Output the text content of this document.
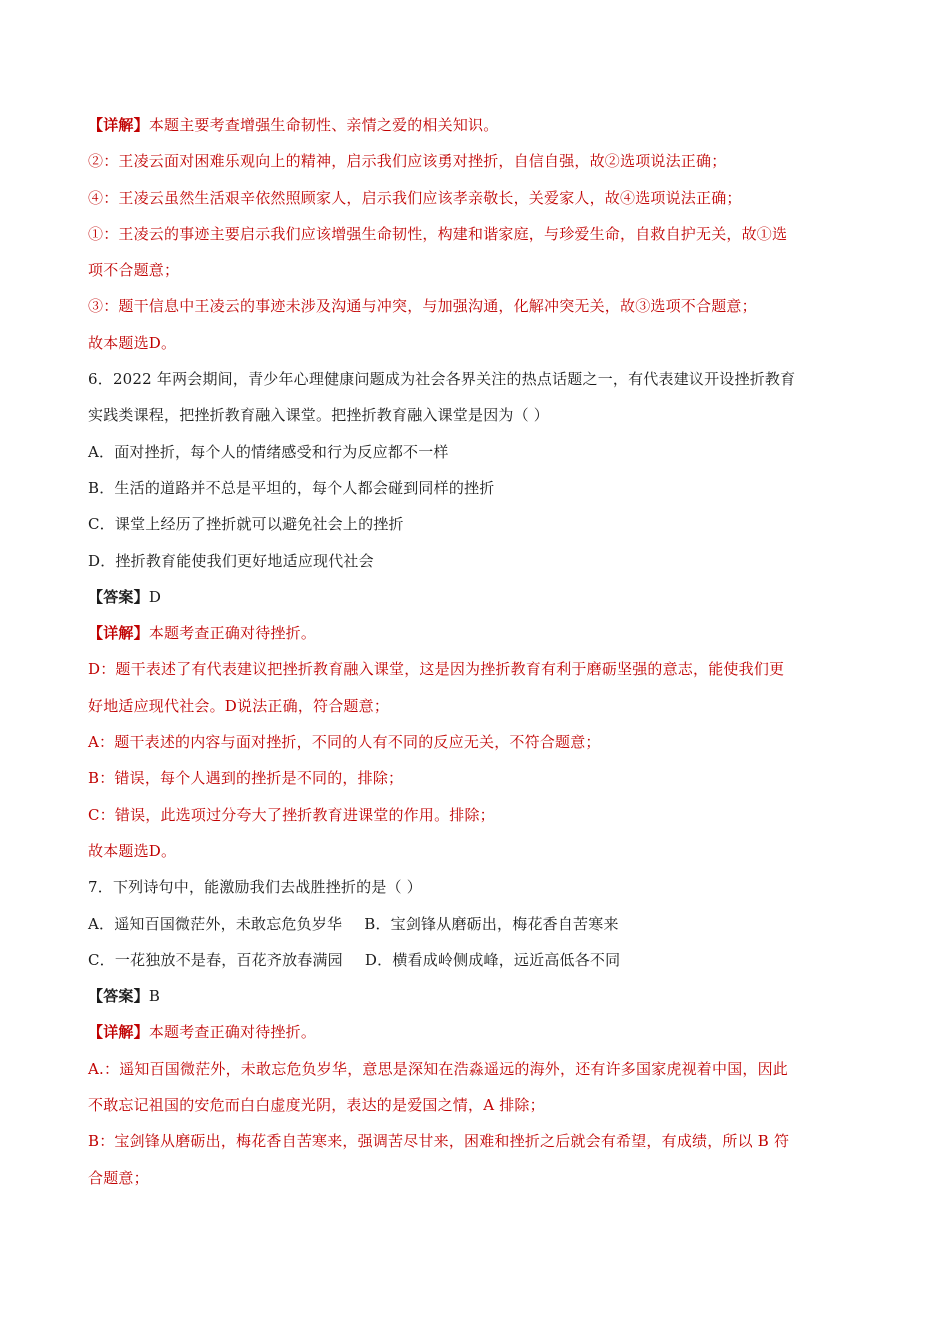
【详解】本题主要考查增强生命韧性、亲情之爱的相关知识。
②：王凌云面对困难乐观向上的精神，启示我们应该勇对挫折，自信自强，故②选项说法正确；
④：王凌云虽然生活艰辛依然照顾家人，启示我们应该孝亲敬长，关爱家人，故④选项说法正确；
①：王凌云的事迹主要启示我们应该增强生命韧性，构建和谐家庭，与珍爱生命，自救自护无关，故①选
项不合题意；
③：题干信息中王凌云的事迹未涉及沟通与冲突，与加强沟通，化解冲突无关，故③选项不合题意；
故本题选D。
6．2022 年两会期间，青少年心理健康问题成为社会各界关注的热点话题之一，有代表建议开设挫折教育
实践类课程，把挫折教育融入课堂。把挫折教育融入课堂是因为（ ）
A．面对挫折，每个人的情绪感受和行为反应都不一样
B．生活的道路并不总是平坦的，每个人都会碰到同样的挫折
C．课堂上经历了挫折就可以避免社会上的挫折
D．挫折教育能使我们更好地适应现代社会
【答案】D
【详解】本题考查正确对待挫折。
D：题干表述了有代表建议把挫折教育融入课堂，这是因为挫折教育有利于磨砺坚强的意志，能使我们更
好地适应现代社会。D说法正确，符合题意；
A：题干表述的内容与面对挫折，不同的人有不同的反应无关，不符合题意；
B：错误，每个人遇到的挫折是不同的，排除；
C：错误，此选项过分夸大了挫折教育进课堂的作用。排除；
故本题选D。
7．下列诗句中，能激励我们去战胜挫折的是（ ）
A．遥知百国微茫外，未敢忘危负岁华 B．宝剑锋从磨砺出，梅花香自苦寒来
C．一花独放不是春，百花齐放春满园 D．横看成岭侧成峰，远近高低各不同
【答案】B
【详解】本题考查正确对待挫折。
A.：遥知百国微茫外，未敢忘危负岁华，意思是深知在浩淼遥远的海外，还有许多国家虎视着中国，因此
不敢忘记祖国的安危而白白虚度光阴，表达的是爱国之情，A 排除；
B：宝剑锋从磨砺出，梅花香自苦寒来，强调苦尽甘来，困难和挫折之后就会有希望，有成绩，所以 B 符
合题意；
